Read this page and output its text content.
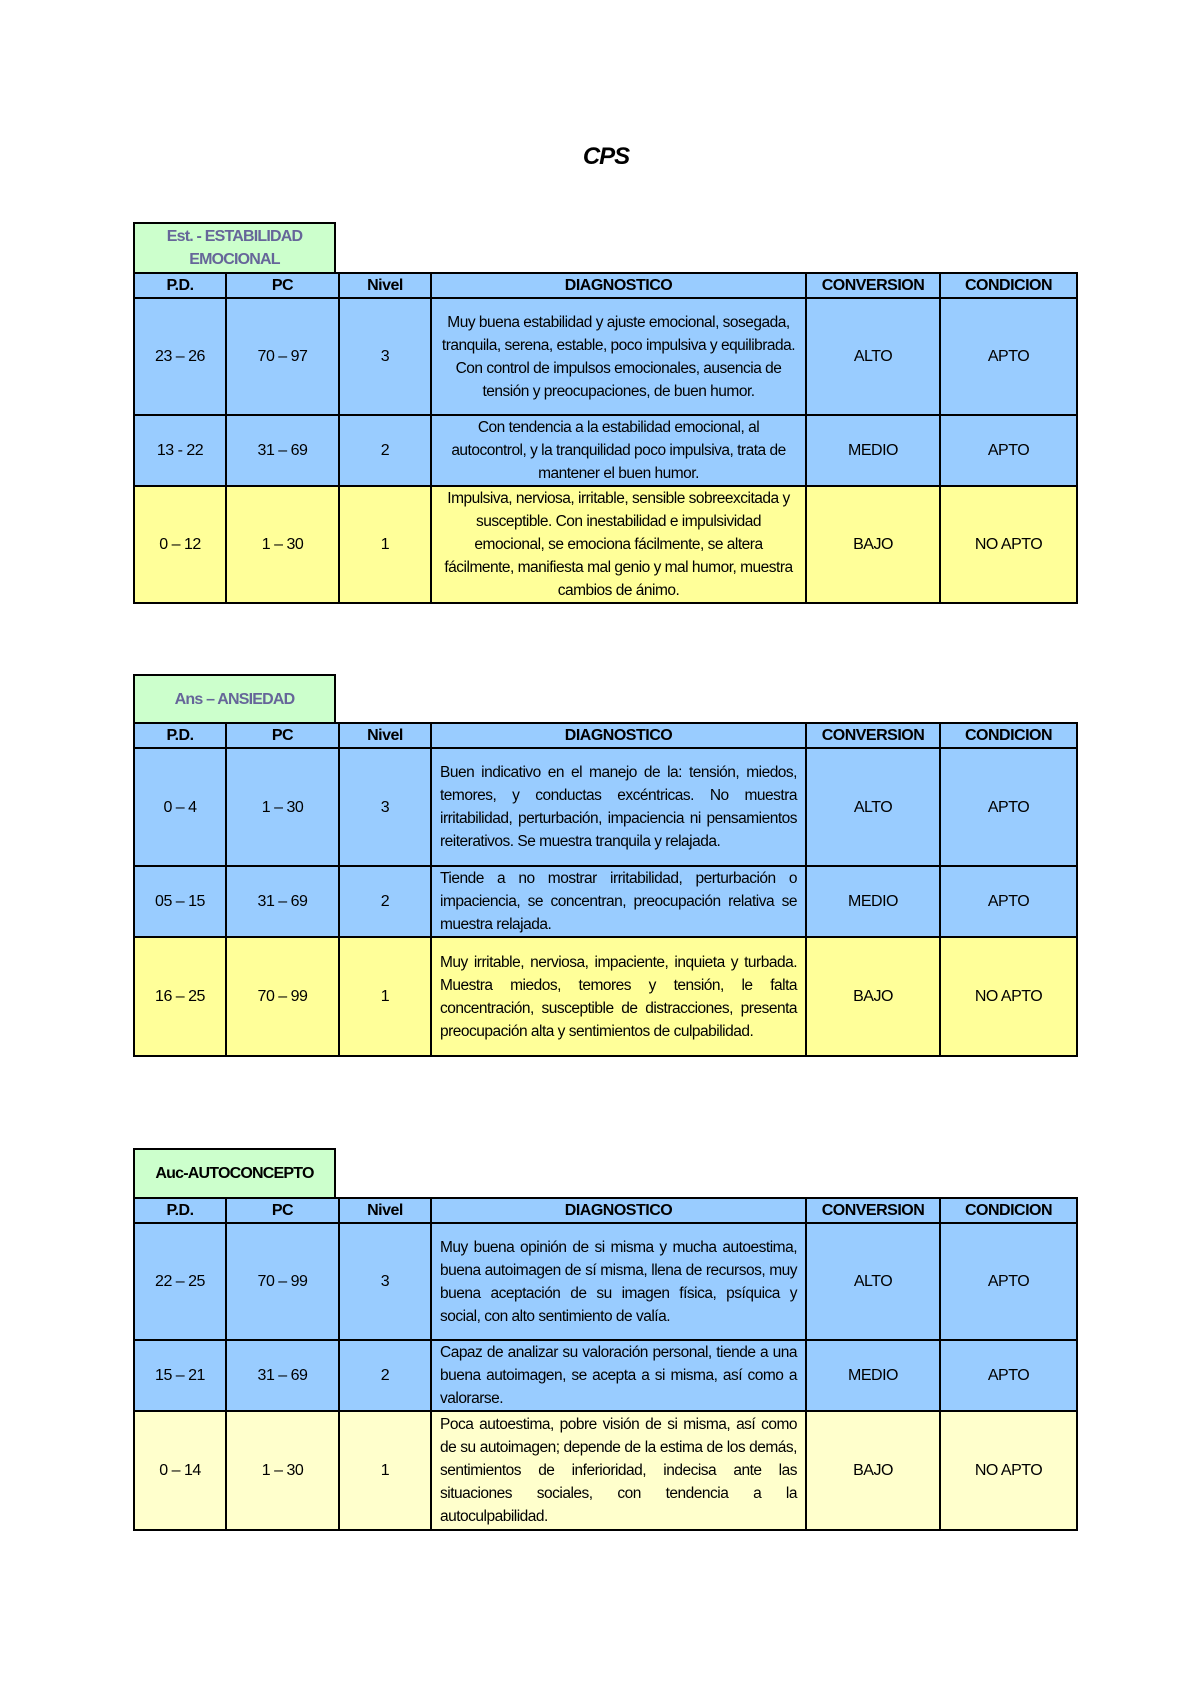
CPS
Est. - ESTABILIDAD EMOCIONAL
P.D.	PC	Nivel	DIAGNOSTICO	CONVERSION	CONDICION
23 – 26	70 – 97	3	Muy buena estabilidad y ajuste emocional, sosegada, tranquila, serena, estable, poco impulsiva y equilibrada. Con control de impulsos emocionales, ausencia de tensión y preocupaciones, de buen humor.	ALTO	APTO
13 - 22	31 – 69	2	Con tendencia a la estabilidad emocional, al autocontrol, y la tranquilidad poco impulsiva, trata de mantener el buen humor.	MEDIO	APTO
0 – 12	1 – 30	1	Impulsiva, nerviosa, irritable, sensible sobreexcitada y susceptible. Con inestabilidad e impulsividad emocional, se emociona fácilmente, se altera fácilmente, manifiesta mal genio y mal humor, muestra cambios de ánimo.	BAJO	NO APTO
Ans – ANSIEDAD
P.D.	PC	Nivel	DIAGNOSTICO	CONVERSION	CONDICION
0 – 4	1 – 30	3	Buen indicativo en el manejo de la: tensión, miedos, temores, y conductas excéntricas. No muestra irritabilidad, perturbación, impaciencia ni pensamientos reiterativos. Se muestra tranquila y relajada.	ALTO	APTO
05 – 15	31 – 69	2	Tiende a no mostrar irritabilidad, perturbación o impaciencia, se concentran, preocupación relativa se muestra relajada.	MEDIO	APTO
16 – 25	70 – 99	1	Muy irritable, nerviosa, impaciente, inquieta y turbada. Muestra miedos, temores y tensión, le falta concentración, susceptible de distracciones, presenta preocupación alta y sentimientos de culpabilidad.	BAJO	NO APTO
Auc-AUTOCONCEPTO
P.D.	PC	Nivel	DIAGNOSTICO	CONVERSION	CONDICION
22 – 25	70 – 99	3	Muy buena opinión de si misma y mucha autoestima, buena autoimagen de sí misma, llena de recursos, muy buena aceptación de su imagen física, psíquica y social, con alto sentimiento de valía.	ALTO	APTO
15 – 21	31 – 69	2	Capaz de analizar su valoración personal, tiende a una buena autoimagen, se acepta a si misma, así como a valorarse.	MEDIO	APTO
0 – 14	1 – 30	1	Poca autoestima, pobre visión de si misma, así como de su autoimagen; depende de la estima de los demás, sentimientos de inferioridad, indecisa ante las situaciones sociales, con tendencia a la autoculpabilidad.	BAJO	NO APTO
